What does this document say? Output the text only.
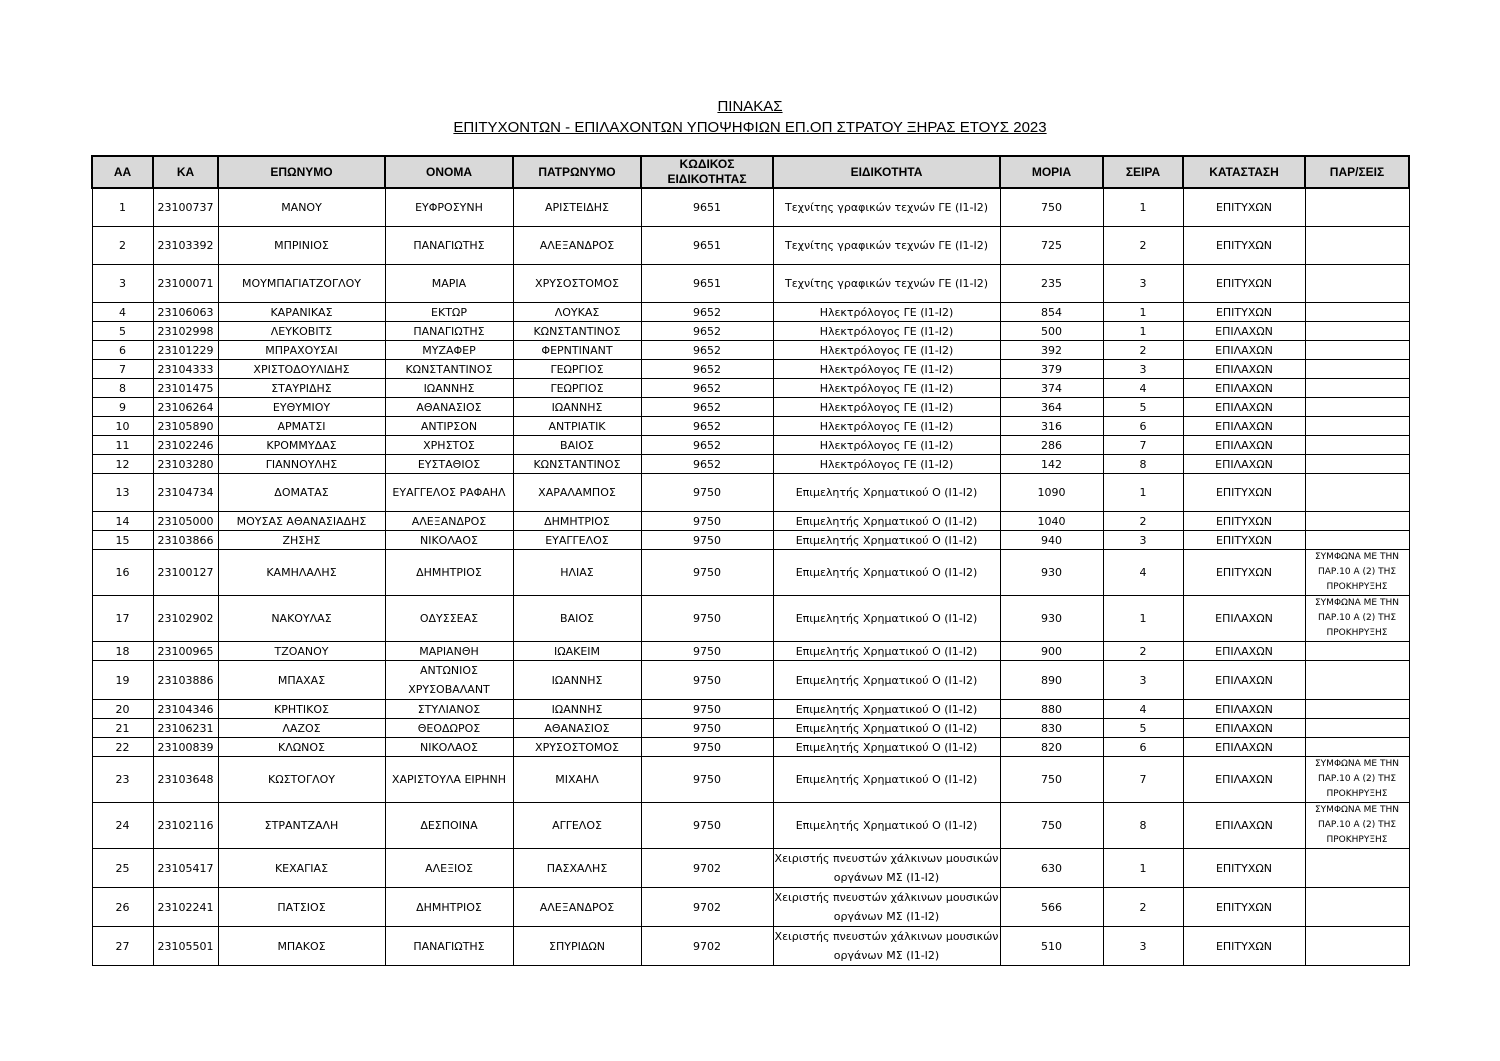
ΠΙΝΑΚΑΣ
ΕΠΙΤΥΧΟΝΤΩΝ - ΕΠΙΛΑΧΟΝΤΩΝ ΥΠΟΨΗΦΙΩΝ ΕΠ.ΟΠ ΣΤΡΑΤΟΥ ΞΗΡΑΣ ΕΤΟΥΣ 2023
ΑΑ	ΚΑ	ΕΠΩΝΥΜΟ	ΟΝΟΜΑ	ΠΑΤΡΩΝΥΜΟ	ΚΩΔΙΚΟΣ ΕΙΔΙΚΟΤΗΤΑΣ	ΕΙΔΙΚΟΤΗΤΑ	ΜΟΡΙΑ	ΣΕΙΡΑ	ΚΑΤΑΣΤΑΣΗ	ΠΑΡ/ΣΕΙΣ
1	23100737	ΜΑΝΟΥ	ΕΥΦΡΟΣΥΝΗ	ΑΡΙΣΤΕΙΔΗΣ	9651	Τεχνίτης γραφικών τεχνών ΓΕ (Ι1-Ι2)	750	1	ΕΠΙΤΥΧΩΝ	
2	23103392	ΜΠΡΙΝΙΟΣ	ΠΑΝΑΓΙΩΤΗΣ	ΑΛΕΞΑΝΔΡΟΣ	9651	Τεχνίτης γραφικών τεχνών ΓΕ (Ι1-Ι2)	725	2	ΕΠΙΤΥΧΩΝ	
3	23100071	ΜΟΥΜΠΑΓΙΑΤΖΟΓΛΟΥ	ΜΑΡΙΑ	ΧΡΥΣΟΣΤΟΜΟΣ	9651	Τεχνίτης γραφικών τεχνών ΓΕ (Ι1-Ι2)	235	3	ΕΠΙΤΥΧΩΝ	
4	23106063	ΚΑΡΑΝΙΚΑΣ	ΕΚΤΩΡ	ΛΟΥΚΑΣ	9652	Ηλεκτρόλογος ΓΕ (Ι1-Ι2)	854	1	ΕΠΙΤΥΧΩΝ	
5	23102998	ΛΕΥΚΟΒΙΤΣ	ΠΑΝΑΓΙΩΤΗΣ	ΚΩΝΣΤΑΝΤΙΝΟΣ	9652	Ηλεκτρόλογος ΓΕ (Ι1-Ι2)	500	1	ΕΠΙΛΑΧΩΝ	
6	23101229	ΜΠΡΑΧΟΥΣΑΙ	ΜΥΖΑΦΕΡ	ΦΕΡΝΤΙΝΑΝΤ	9652	Ηλεκτρόλογος ΓΕ (Ι1-Ι2)	392	2	ΕΠΙΛΑΧΩΝ	
7	23104333	ΧΡΙΣΤΟΔΟΥΛΙΔΗΣ	ΚΩΝΣΤΑΝΤΙΝΟΣ	ΓΕΩΡΓΙΟΣ	9652	Ηλεκτρόλογος ΓΕ (Ι1-Ι2)	379	3	ΕΠΙΛΑΧΩΝ	
8	23101475	ΣΤΑΥΡΙΔΗΣ	ΙΩΑΝΝΗΣ	ΓΕΩΡΓΙΟΣ	9652	Ηλεκτρόλογος ΓΕ (Ι1-Ι2)	374	4	ΕΠΙΛΑΧΩΝ	
9	23106264	ΕΥΘΥΜΙΟΥ	ΑΘΑΝΑΣΙΟΣ	ΙΩΑΝΝΗΣ	9652	Ηλεκτρόλογος ΓΕ (Ι1-Ι2)	364	5	ΕΠΙΛΑΧΩΝ	
10	23105890	ΑΡΜΑΤΣΙ	ΑΝΤΙΡΣΟΝ	ΑΝΤΡΙΑΤΙΚ	9652	Ηλεκτρόλογος ΓΕ (Ι1-Ι2)	316	6	ΕΠΙΛΑΧΩΝ	
11	23102246	ΚΡΟΜΜΥΔΑΣ	ΧΡΗΣΤΟΣ	ΒΑΙΟΣ	9652	Ηλεκτρόλογος ΓΕ (Ι1-Ι2)	286	7	ΕΠΙΛΑΧΩΝ	
12	23103280	ΓΙΑΝΝΟΥΛΗΣ	ΕΥΣΤΑΘΙΟΣ	ΚΩΝΣΤΑΝΤΙΝΟΣ	9652	Ηλεκτρόλογος ΓΕ (Ι1-Ι2)	142	8	ΕΠΙΛΑΧΩΝ	
13	23104734	ΔΟΜΑΤΑΣ	ΕΥΑΓΓΕΛΟΣ ΡΑΦΑΗΛ	ΧΑΡΑΛΑΜΠΟΣ	9750	Επιμελητής Χρηματικού Ο (Ι1-Ι2)	1090	1	ΕΠΙΤΥΧΩΝ	
14	23105000	ΜΟΥΣΑΣ ΑΘΑΝΑΣΙΑΔΗΣ	ΑΛΕΞΑΝΔΡΟΣ	ΔΗΜΗΤΡΙΟΣ	9750	Επιμελητής Χρηματικού Ο (Ι1-Ι2)	1040	2	ΕΠΙΤΥΧΩΝ	
15	23103866	ΖΗΣΗΣ	ΝΙΚΟΛΑΟΣ	ΕΥΑΓΓΕΛΟΣ	9750	Επιμελητής Χρηματικού Ο (Ι1-Ι2)	940	3	ΕΠΙΤΥΧΩΝ	
16	23100127	ΚΑΜΗΛΑΛΗΣ	ΔΗΜΗΤΡΙΟΣ	ΗΛΙΑΣ	9750	Επιμελητής Χρηματικού Ο (Ι1-Ι2)	930	4	ΕΠΙΤΥΧΩΝ	ΣΥΜΦΩΝΑ ΜΕ ΤΗΝ ΠΑΡ.10 Α (2) ΤΗΣ ΠΡΟΚΗΡΥΞΗΣ
17	23102902	ΝΑΚΟΥΛΑΣ	ΟΔΥΣΣΕΑΣ	ΒΑΙΟΣ	9750	Επιμελητής Χρηματικού Ο (Ι1-Ι2)	930	1	ΕΠΙΛΑΧΩΝ	ΣΥΜΦΩΝΑ ΜΕ ΤΗΝ ΠΑΡ.10 Α (2) ΤΗΣ ΠΡΟΚΗΡΥΞΗΣ
18	23100965	ΤΖΟΑΝΟΥ	ΜΑΡΙΑΝΘΗ	ΙΩΑΚΕΙΜ	9750	Επιμελητής Χρηματικού Ο (Ι1-Ι2)	900	2	ΕΠΙΛΑΧΩΝ	
19	23103886	ΜΠΑΧΑΣ	ΑΝΤΩΝΙΟΣ ΧΡΥΣΟΒΑΛΑΝΤ	ΙΩΑΝΝΗΣ	9750	Επιμελητής Χρηματικού Ο (Ι1-Ι2)	890	3	ΕΠΙΛΑΧΩΝ	
20	23104346	ΚΡΗΤΙΚΟΣ	ΣΤΥΛΙΑΝΟΣ	ΙΩΑΝΝΗΣ	9750	Επιμελητής Χρηματικού Ο (Ι1-Ι2)	880	4	ΕΠΙΛΑΧΩΝ	
21	23106231	ΛΑΖΟΣ	ΘΕΟΔΩΡΟΣ	ΑΘΑΝΑΣΙΟΣ	9750	Επιμελητής Χρηματικού Ο (Ι1-Ι2)	830	5	ΕΠΙΛΑΧΩΝ	
22	23100839	ΚΛΩΝΟΣ	ΝΙΚΟΛΑΟΣ	ΧΡΥΣΟΣΤΟΜΟΣ	9750	Επιμελητής Χρηματικού Ο (Ι1-Ι2)	820	6	ΕΠΙΛΑΧΩΝ	
23	23103648	ΚΩΣΤΟΓΛΟΥ	ΧΑΡΙΣΤΟΥΛΑ ΕΙΡΗΝΗ	ΜΙΧΑΗΛ	9750	Επιμελητής Χρηματικού Ο (Ι1-Ι2)	750	7	ΕΠΙΛΑΧΩΝ	ΣΥΜΦΩΝΑ ΜΕ ΤΗΝ ΠΑΡ.10 Α (2) ΤΗΣ ΠΡΟΚΗΡΥΞΗΣ
24	23102116	ΣΤΡΑΝΤΖΑΛΗ	ΔΕΣΠΟΙΝΑ	ΑΓΓΕΛΟΣ	9750	Επιμελητής Χρηματικού Ο (Ι1-Ι2)	750	8	ΕΠΙΛΑΧΩΝ	ΣΥΜΦΩΝΑ ΜΕ ΤΗΝ ΠΑΡ.10 Α (2) ΤΗΣ ΠΡΟΚΗΡΥΞΗΣ
25	23105417	ΚΕΧΑΓΙΑΣ	ΑΛΕΞΙΟΣ	ΠΑΣΧΑΛΗΣ	9702	Χειριστής πνευστών χάλκινων μουσικών οργάνων ΜΣ (Ι1-Ι2)	630	1	ΕΠΙΤΥΧΩΝ	
26	23102241	ΠΑΤΣΙΟΣ	ΔΗΜΗΤΡΙΟΣ	ΑΛΕΞΑΝΔΡΟΣ	9702	Χειριστής πνευστών χάλκινων μουσικών οργάνων ΜΣ (Ι1-Ι2)	566	2	ΕΠΙΤΥΧΩΝ	
27	23105501	ΜΠΑΚΟΣ	ΠΑΝΑΓΙΩΤΗΣ	ΣΠΥΡΙΔΩΝ	9702	Χειριστής πνευστών χάλκινων μουσικών οργάνων ΜΣ (Ι1-Ι2)	510	3	ΕΠΙΤΥΧΩΝ	
